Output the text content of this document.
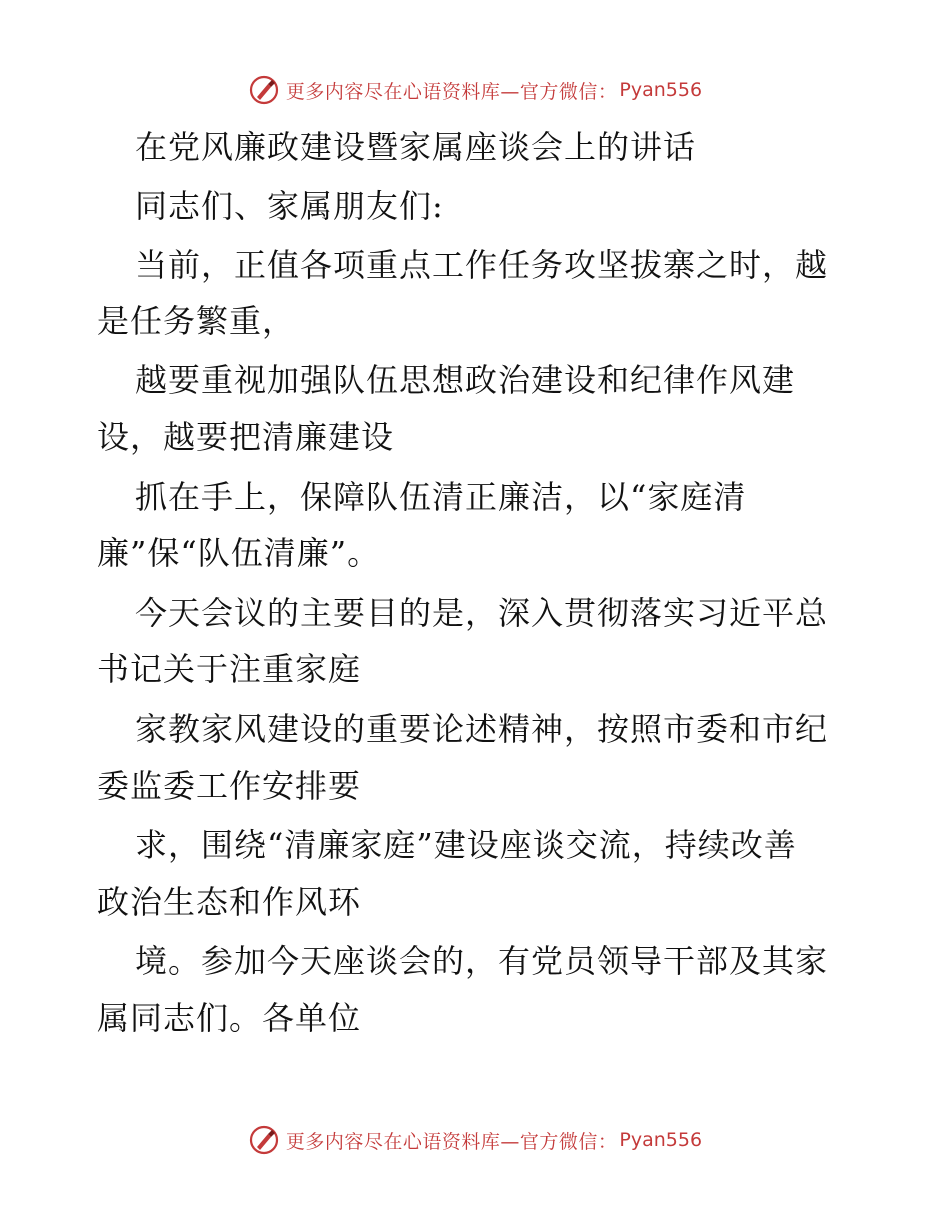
更多内容尽在心语资料库—官方微信： Pyan556
在党风廉政建设暨家属座谈会上的讲话
同志们、家属朋友们:
当前，正值各项重点工作任务攻坚拔寨之时，越
是任务繁重，
越要重视加强队伍思想政治建设和纪律作风建
设，越要把清廉建设
抓在手上，保障队伍清正廉洁，以“家庭清
廉”保“队伍清廉”。
今天会议的主要目的是，深入贯彻落实习近平总
书记关于注重家庭
家教家风建设的重要论述精神，按照市委和市纪
委监委工作安排要
求，围绕“清廉家庭”建设座谈交流，持续改善
政治生态和作风环
境。参加今天座谈会的，有党员领导干部及其家
属同志们。各单位
更多内容尽在心语资料库—官方微信： Pyan556
